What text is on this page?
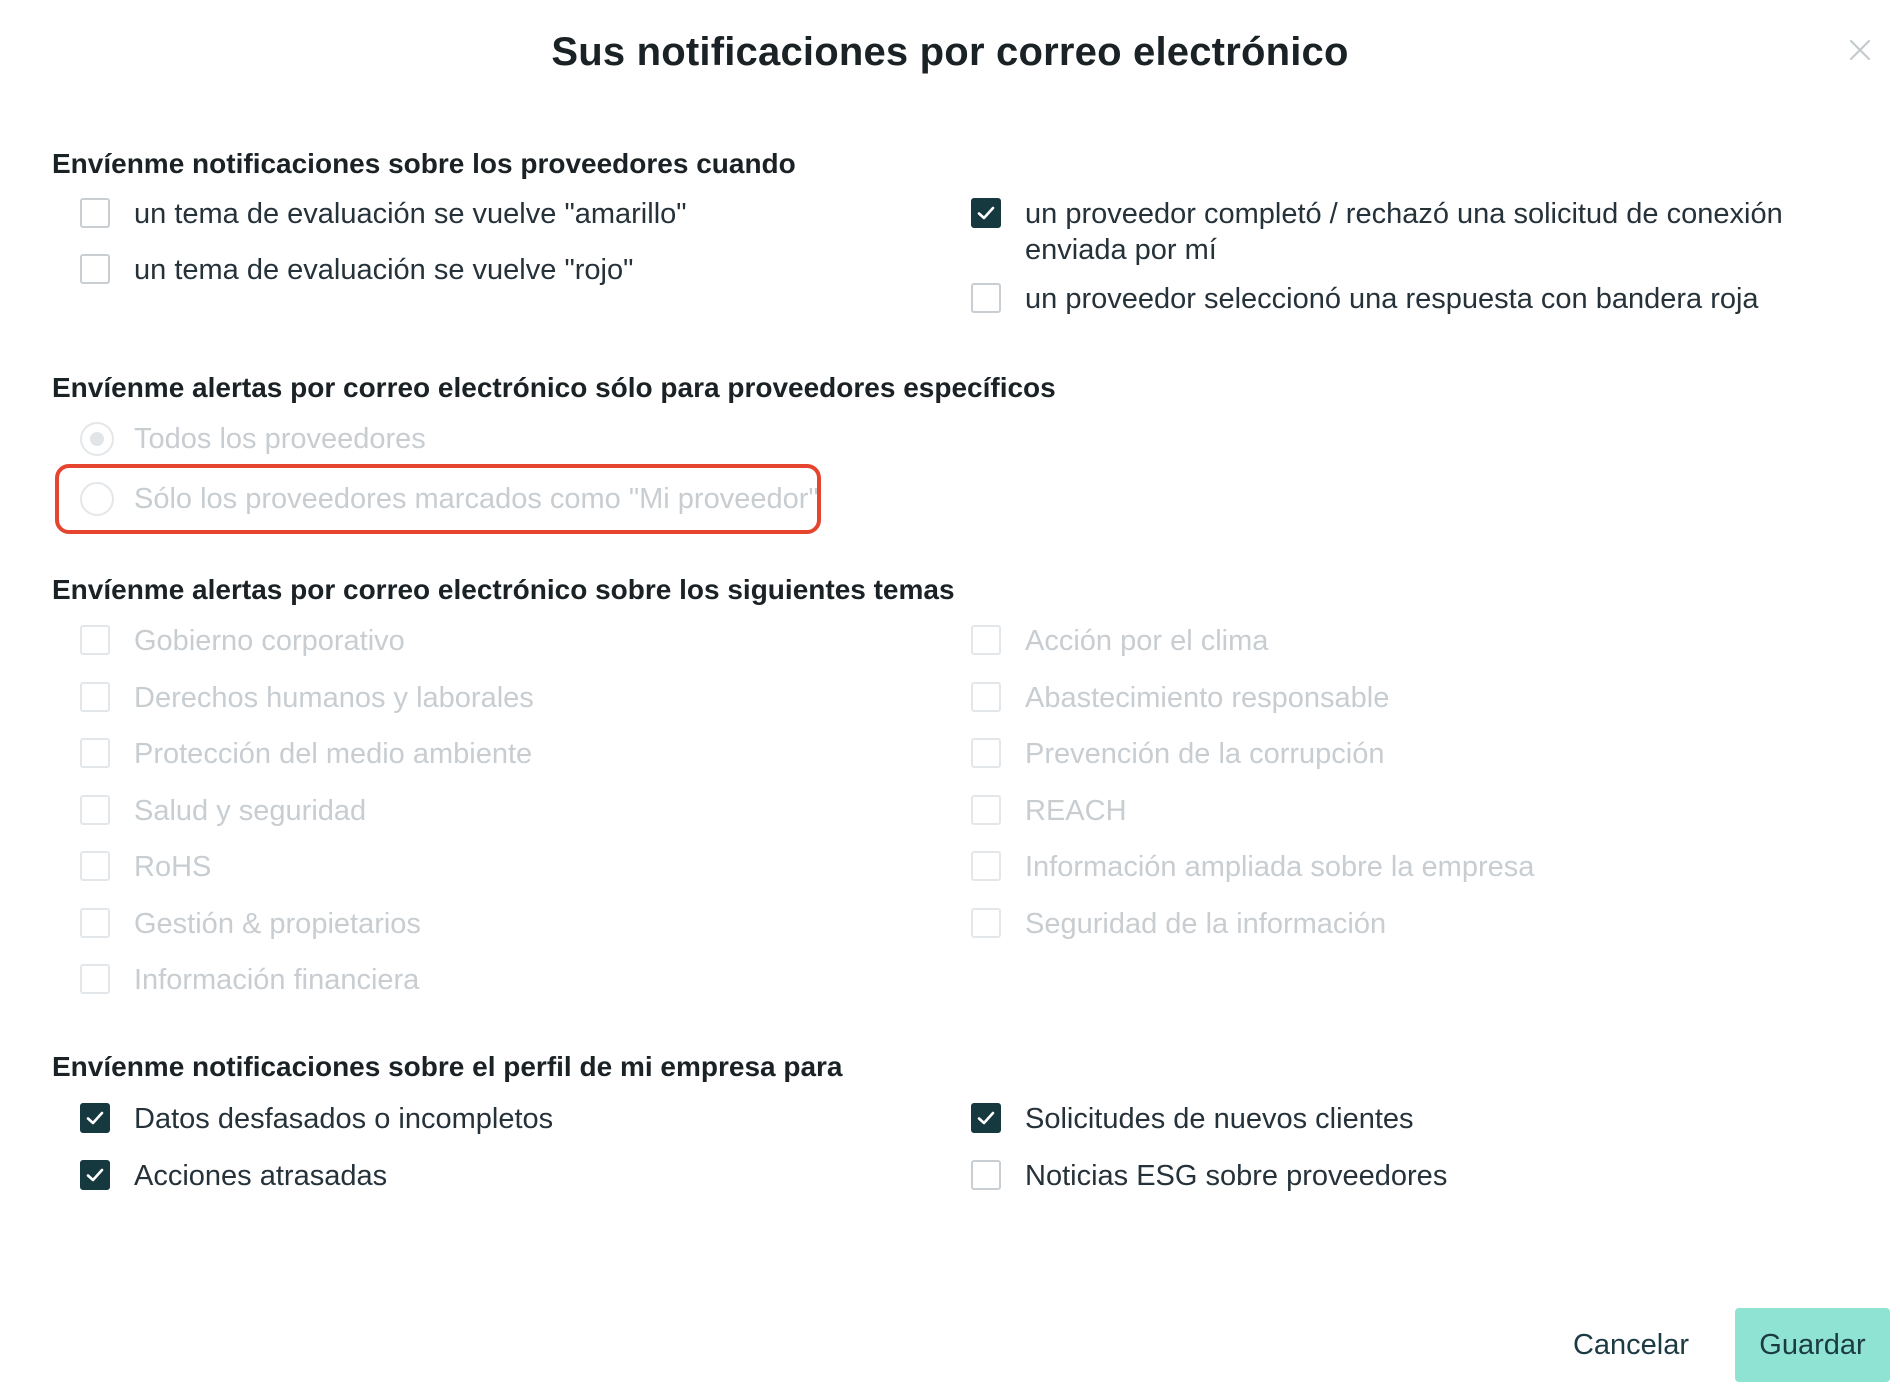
Sus notificaciones por correo electrónico
Envíenme notificaciones sobre los proveedores cuando
un tema de evaluación se vuelve "amarillo"
un tema de evaluación se vuelve "rojo"
un proveedor completó / rechazó una solicitud de conexión enviada por mí
un proveedor seleccionó una respuesta con bandera roja
Envíenme alertas por correo electrónico sólo para proveedores específicos
Todos los proveedores
Sólo los proveedores marcados como "Mi proveedor"
Envíenme alertas por correo electrónico sobre los siguientes temas
Gobierno corporativo
Derechos humanos y laborales
Protección del medio ambiente
Salud y seguridad
RoHS
Gestión & propietarios
Información financiera
Acción por el clima
Abastecimiento responsable
Prevención de la corrupción
REACH
Información ampliada sobre la empresa
Seguridad de la información
Envíenme notificaciones sobre el perfil de mi empresa para
Datos desfasados o incompletos
Acciones atrasadas
Solicitudes de nuevos clientes
Noticias ESG sobre proveedores
Cancelar	Guardar
